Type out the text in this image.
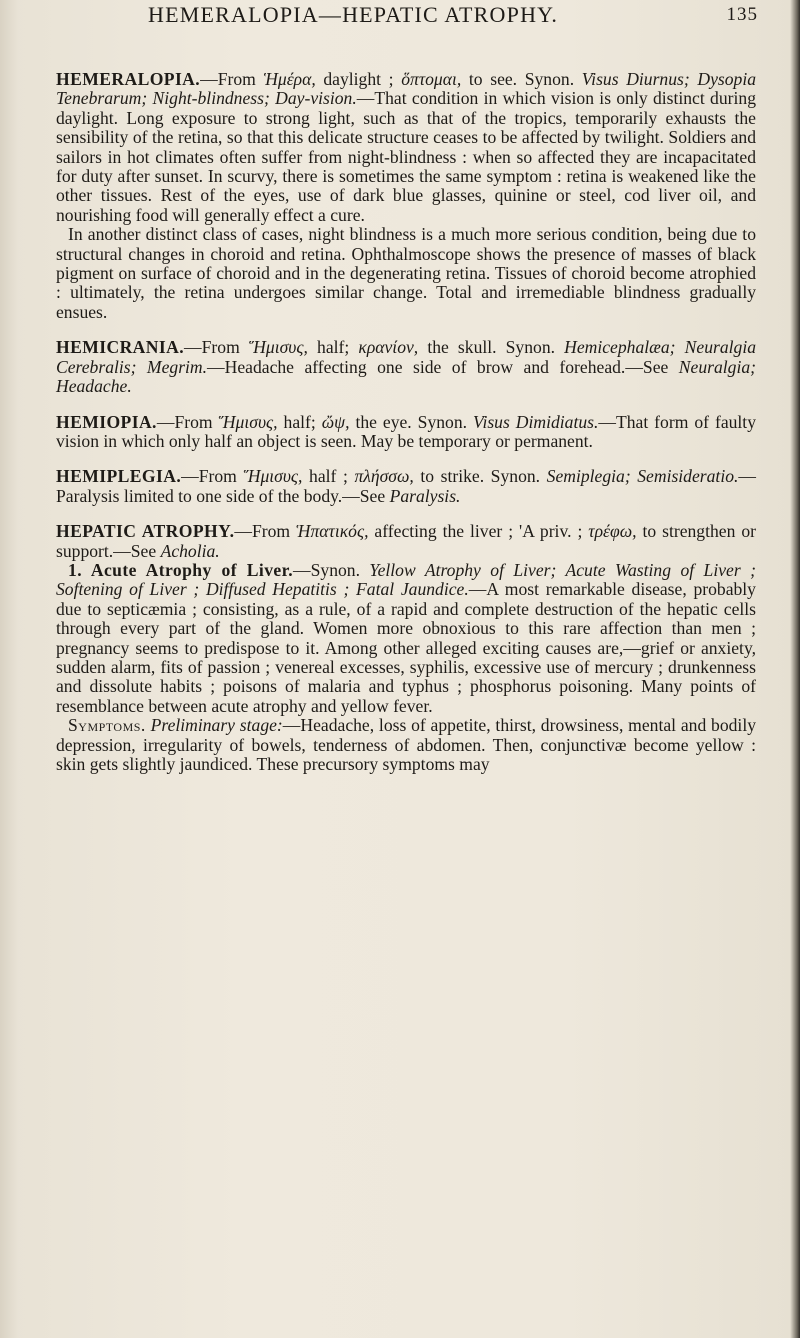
HEMERALOPIA—HEPATIC ATROPHY.	135

HEMERALOPIA.—From Ἡμέρα, daylight ; ὅπτομαι, to see. Synon. Visus Diurnus; Dysopia Tenebrarum; Night-blindness; Day-vision.—That condition in which vision is only distinct during daylight. Long exposure to strong light, such as that of the tropics, temporarily exhausts the sensibility of the retina, so that this delicate structure ceases to be affected by twilight. Soldiers and sailors in hot climates often suffer from night-blindness : when so affected they are incapacitated for duty after sunset. In scurvy, there is sometimes the same symptom : retina is weakened like the other tissues. Rest of the eyes, use of dark blue glasses, quinine or steel, cod liver oil, and nourishing food will generally effect a cure.

In another distinct class of cases, night blindness is a much more serious condition, being due to structural changes in choroid and retina. Ophthalmoscope shows the presence of masses of black pigment on surface of choroid and in the degenerating retina. Tissues of choroid become atrophied : ultimately, the retina undergoes similar change. Total and irremediable blindness gradually ensues.

HEMICRANIA.—From Ἥμισυς, half; κρανίον, the skull. Synon. Hemicephalæa; Neuralgia Cerebralis; Megrim.—Headache affecting one side of brow and forehead.—See Neuralgia; Headache.

HEMIOPIA.—From Ἥμισυς, half; ὤψ, the eye. Synon. Visus Dimidiatus.—That form of faulty vision in which only half an object is seen. May be temporary or permanent.

HEMIPLEGIA.—From Ἥμισυς, half ; πλήσσω, to strike. Synon. Semiplegia; Semisideratio.—Paralysis limited to one side of the body.—See Paralysis.

HEPATIC ATROPHY.—From Ἡπατικός, affecting the liver ; 'A priv. ; τρέφω, to strengthen or support.—See Acholia.

1. Acute Atrophy of Liver.—Synon. Yellow Atrophy of Liver; Acute Wasting of Liver ; Softening of Liver ; Diffused Hepatitis ; Fatal Jaundice.—A most remarkable disease, probably due to septicæmia ; consisting, as a rule, of a rapid and complete destruction of the hepatic cells through every part of the gland. Women more obnoxious to this rare affection than men ; pregnancy seems to predispose to it. Among other alleged exciting causes are,—grief or anxiety, sudden alarm, fits of passion ; venereal excesses, syphilis, excessive use of mercury ; drunkenness and dissolute habits ; poisons of malaria and typhus ; phosphorus poisoning. Many points of resemblance between acute atrophy and yellow fever.

Symptoms. Preliminary stage:—Headache, loss of appetite, thirst, drowsiness, mental and bodily depression, irregularity of bowels, tenderness of abdomen. Then, conjunctivæ become yellow : skin gets slightly jaundiced. These precursory symptoms may
